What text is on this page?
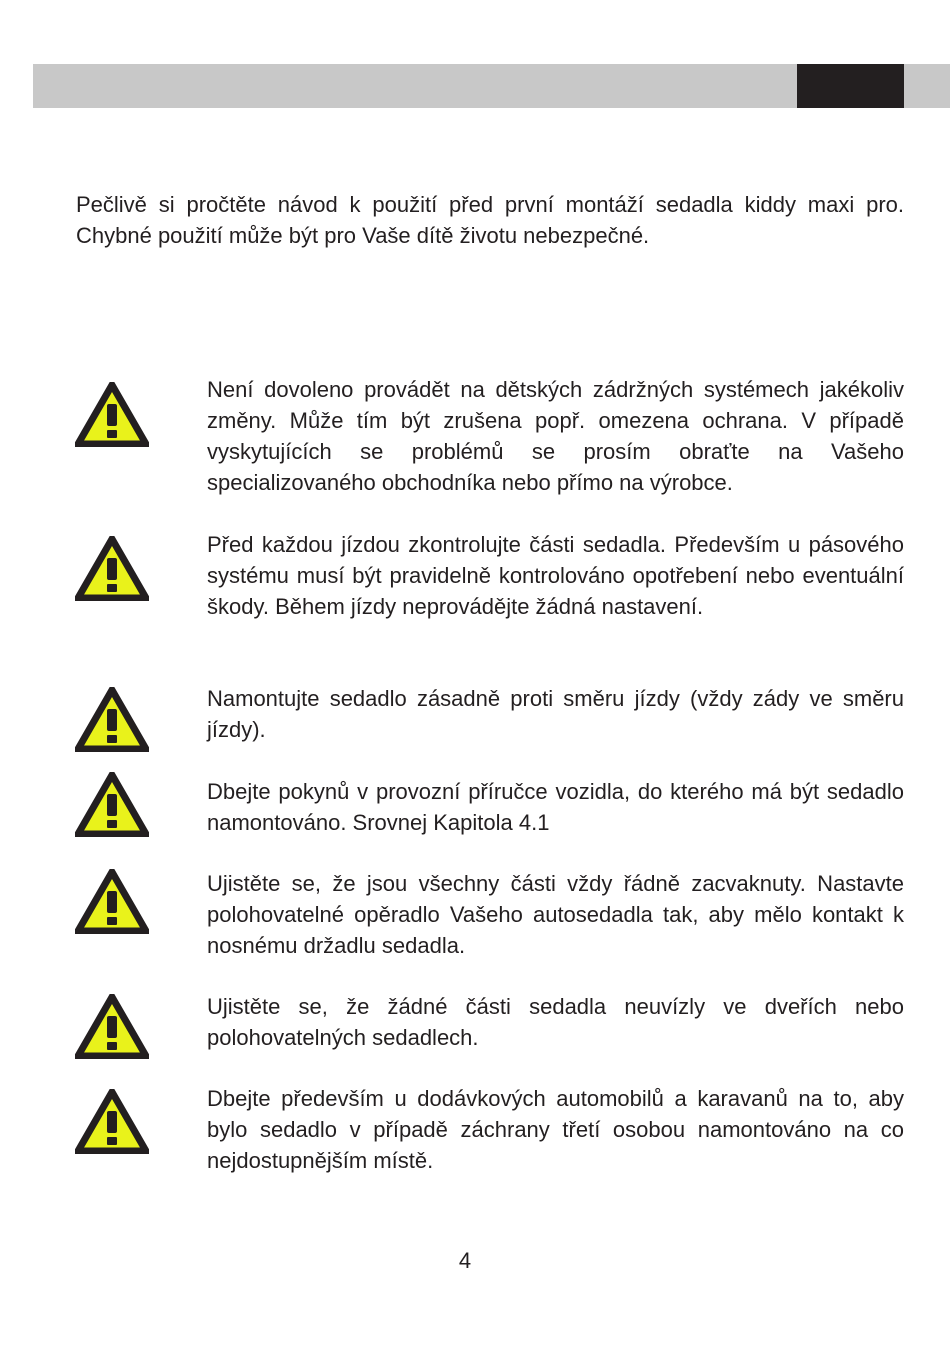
Pečlivě si pročtěte návod k použití před první montáží sedadla kiddy maxi pro. Chybné použití může být pro Vaše dítě životu nebezpečné.

Není dovoleno provádět na dětských zádržných systémech jakékoliv změny. Může tím být zrušena popř. omezena ochrana. V případě vyskytujících se problémů se prosím obraťte na Vašeho specializovaného obchodníka nebo přímo na výrobce.

Před každou jízdou zkontrolujte části sedadla. Především u pásového systému musí být pravidelně kontrolováno opotřebení nebo eventuální škody. Během jízdy neprovádějte žádná nastavení.

Namontujte sedadlo zásadně proti směru jízdy (vždy zády ve směru jízdy).

Dbejte pokynů v provozní příručce vozidla, do kterého má být sedadlo namontováno. Srovnej Kapitola 4.1

Ujistěte se, že jsou všechny části vždy řádně zacvaknuty. Nastavte polohovatelné opěradlo Vašeho autosedadla tak, aby mělo kontakt k nosnému držadlu sedadla.

Ujistěte se, že žádné části sedadla neuvízly ve dveřích nebo polohovatelných sedadlech.

Dbejte především u dodávkových automobilů a karavanů na to, aby bylo sedadlo v případě záchrany třetí osobou namontováno na co nejdostupnějším místě.

4
